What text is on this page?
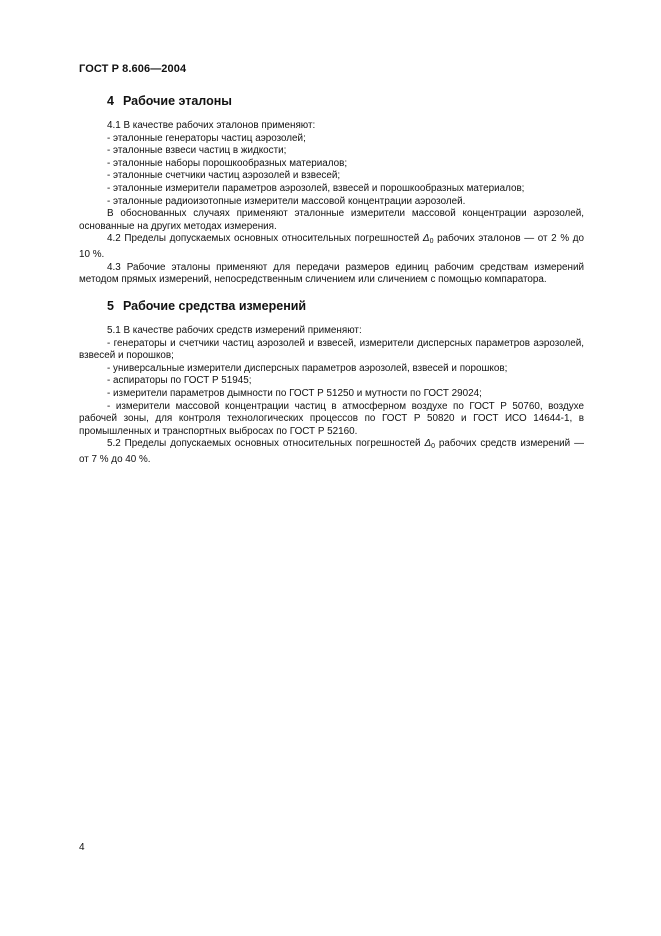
ГОСТ Р 8.606—2004
4 Рабочие эталоны

4.1 В качестве рабочих эталонов применяют:

- эталонные генераторы частиц аэрозолей;

- эталонные взвеси частиц в жидкости;

- эталонные наборы порошкообразных материалов;

- эталонные счетчики частиц аэрозолей и взвесей;

- эталонные измерители параметров аэрозолей, взвесей и порошкообразных материалов;

- эталонные радиоизотопные измерители массовой концентрации аэрозолей.

В обоснованных случаях применяют эталонные измерители массовой концентрации аэрозолей, основанные на других методах измерения.

4.2 Пределы допускаемых основных относительных погрешностей $\Delta_0$ рабочих эталонов — от 2 % до 10 %.

4.3 Рабочие эталоны применяют для передачи размеров единиц рабочим средствам измерений методом прямых измерений, непосредственным сличением или сличением с помощью компаратора.

5 Рабочие средства измерений

5.1 В качестве рабочих средств измерений применяют:

- генераторы и счетчики частиц аэрозолей и взвесей, измерители дисперсных параметров аэрозолей, взвесей и порошков;

- универсальные измерители дисперсных параметров аэрозолей, взвесей и порошков;

- аспираторы по ГОСТ Р 51945;

- измерители параметров дымности по ГОСТ Р 51250 и мутности по ГОСТ 29024;

- измерители массовой концентрации частиц в атмосферном воздухе по ГОСТ Р 50760, воздухе рабочей зоны, для контроля технологических процессов по ГОСТ Р 50820 и ГОСТ ИСО 14644-1, в промышленных и транспортных выбросах по ГОСТ Р 52160.

5.2 Пределы допускаемых основных относительных погрешностей $\Delta_0$ рабочих средств измерений — от 7 % до 40 %.

4
